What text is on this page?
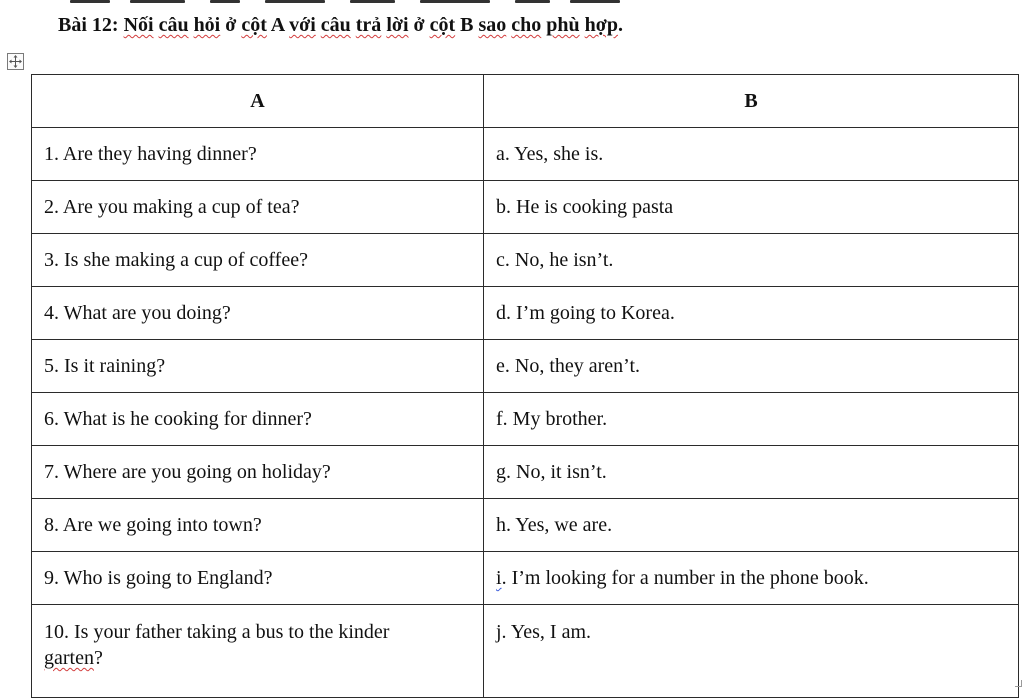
Bài 12: Nối câu hỏi ở cột A với câu trả lời ở cột B sao cho phù hợp.
A	B
1. Are they having dinner?	a. Yes, she is.
2. Are you making a cup of tea?	b. He is cooking pasta
3. Is she making a cup of coffee?	c. No, he isn’t.
4. What are you doing?	d. I’m going to Korea.
5. Is it raining?	e. No, they aren’t.
6. What is he cooking for dinner?	f. My brother.
7. Where are you going on holiday?	g. No, it isn’t.
8. Are we going into town?	h. Yes, we are.
9. Who is going to England?	i. I’m looking for a number in the phone book.

10. Is your father taking a bus to the kinder
garten?	j. Yes, I am.
